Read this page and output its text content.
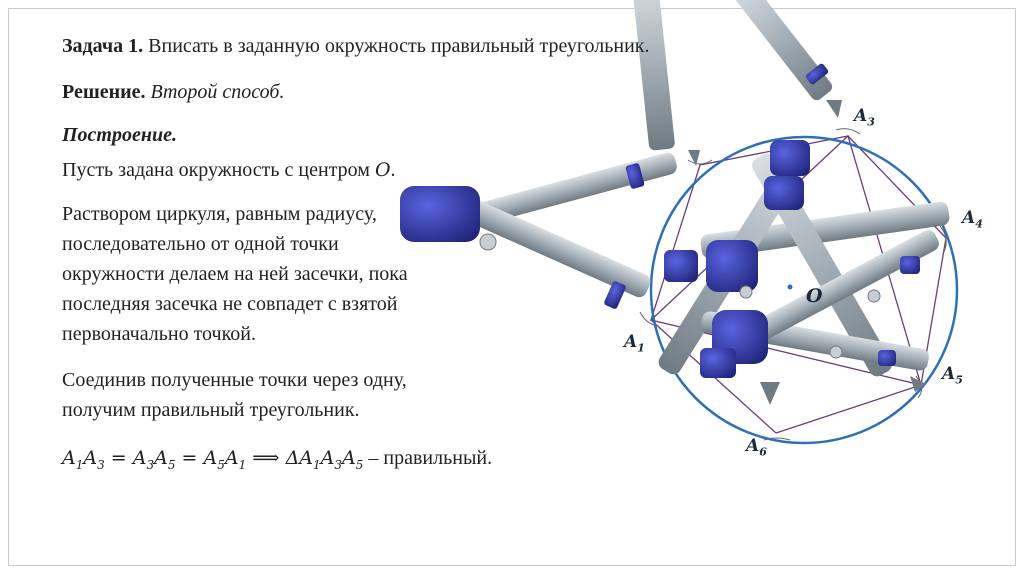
O
$A_1$
$A_3$
$A_4$
$A_5$
$A_6$
Задача 1. Вписать в заданную окружность правильный треугольник.
Решение. Второй способ.
Построение.
Пусть задана окружность с центром O.
Раствором циркуля, равным радиусу,
последовательно от одной точки
окружности делаем на ней засечки, пока
последняя засечка не совпадет с взятой
первоначально точкой.
Соединив полученные точки через одну,
получим правильный треугольник.
$A_1A_3 = A_3A_5 = A_5A_1$ ⟹ $\Delta A_1A_3A_5$ – правильный.
